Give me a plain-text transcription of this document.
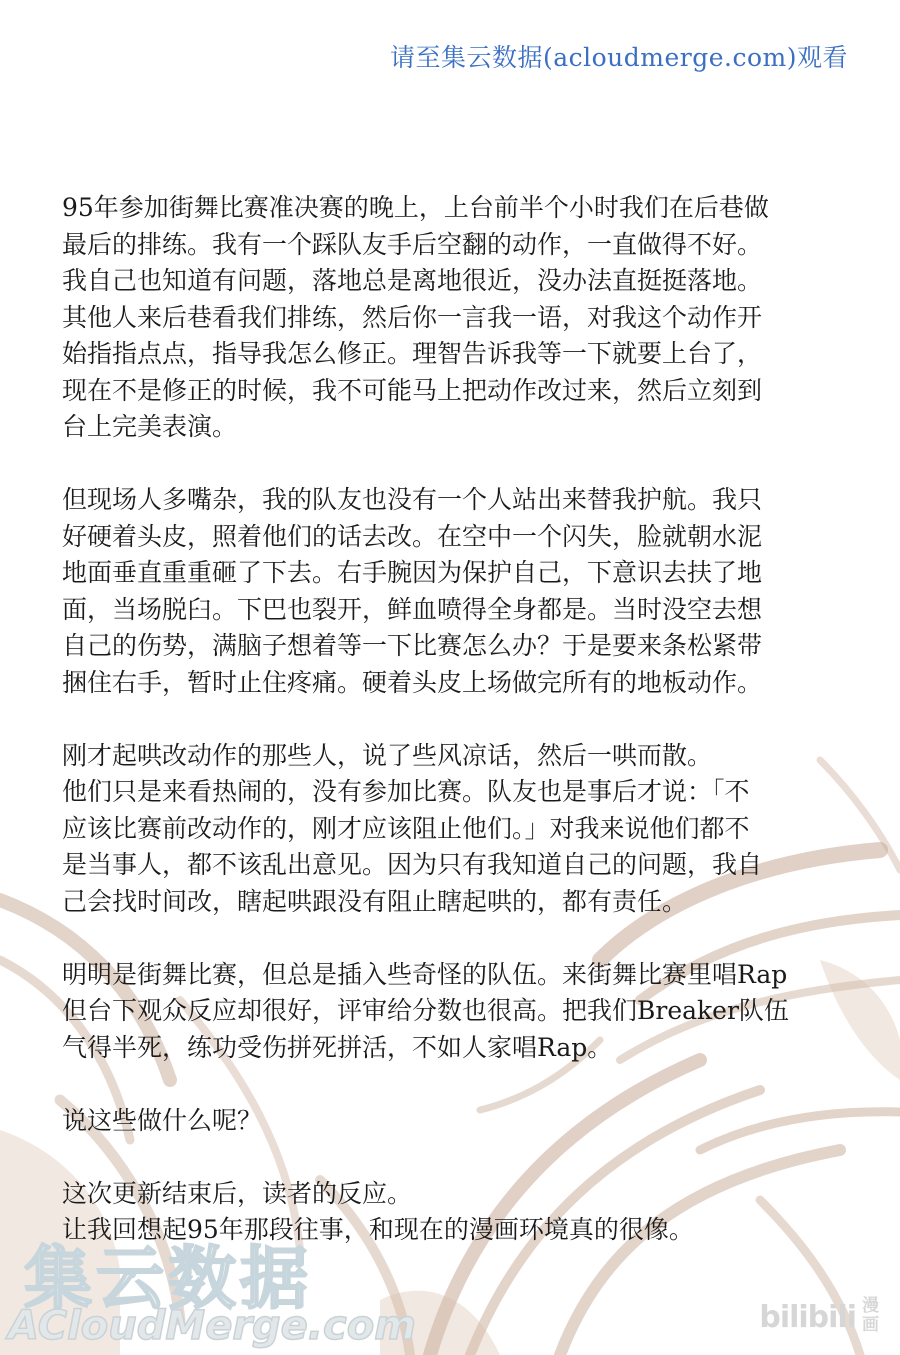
请至集云数据(acloudmerge.com)观看

95年参加街舞比赛准决赛的晚上，上台前半个小时我们在后巷做
最后的排练。我有一个踩队友手后空翻的动作，一直做得不好。
我自己也知道有问题，落地总是离地很近，没办法直挺挺落地。
其他人来后巷看我们排练，然后你一言我一语，对我这个动作开
始指指点点，指导我怎么修正。理智告诉我等一下就要上台了，
现在不是修正的时候，我不可能马上把动作改过来，然后立刻到
台上完美表演。

但现场人多嘴杂，我的队友也没有一个人站出来替我护航。我只
好硬着头皮，照着他们的话去改。在空中一个闪失，脸就朝水泥
地面垂直重重砸了下去。右手腕因为保护自己，下意识去扶了地
面，当场脱臼。下巴也裂开，鲜血喷得全身都是。当时没空去想
自己的伤势，满脑子想着等一下比赛怎么办？于是要来条松紧带
捆住右手，暂时止住疼痛。硬着头皮上场做完所有的地板动作。

刚才起哄改动作的那些人，说了些风凉话，然后一哄而散。
他们只是来看热闹的，没有参加比赛。队友也是事后才说：「不
应该比赛前改动作的，刚才应该阻止他们。」对我来说他们都不
是当事人，都不该乱出意见。因为只有我知道自己的问题，我自
己会找时间改，瞎起哄跟没有阻止瞎起哄的，都有责任。

明明是街舞比赛，但总是插入些奇怪的队伍。来街舞比赛里唱Rap
但台下观众反应却很好，评审给分数也很高。把我们Breaker队伍
气得半死，练功受伤拼死拼活，不如人家唱Rap。

说这些做什么呢？

这次更新结束后，读者的反应。
让我回想起95年那段往事，和现在的漫画环境真的很像。

集云数据
ACloudMerge.com	bilibili 漫画
